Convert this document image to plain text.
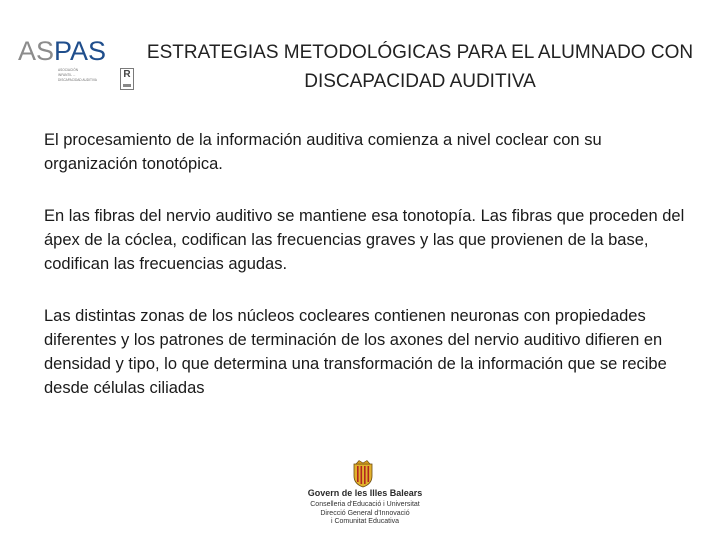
ASPAS
ASOCIACIÓN
INFANTIL ...
DISCAPACIDAD AUDITIVA	R
ESTRATEGIAS METODOLÓGICAS PARA EL ALUMNADO CON DISCAPACIDAD AUDITIVA

El procesamiento de la información auditiva comienza a nivel coclear con su organización tonotópica.

En las fibras del nervio auditivo se mantiene esa tonotopía. Las fibras que proceden del ápex de la cóclea, codifican las frecuencias graves y las que provienen de la base, codifican las frecuencias agudas.

Las distintas zonas de los núcleos cocleares contienen neuronas con propiedades diferentes y los patrones de terminación de los axones del nervio auditivo difieren en densidad y tipo, lo que determina una transformación de la información que se recibe desde células ciliadas

Govern de les Illes Balears
Conselleria d'Educació i Universitat
Direcció General d'Innovació
i Comunitat Educativa
